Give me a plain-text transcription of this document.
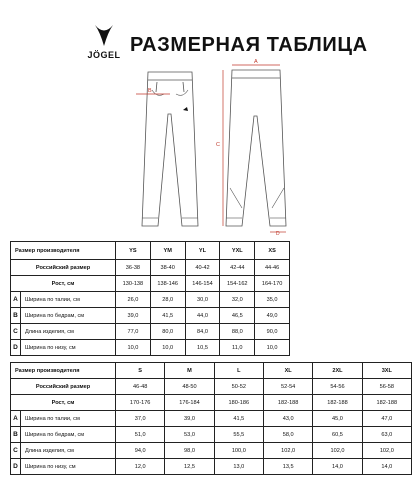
JÖGEL РАЗМЕРНАЯ ТАБЛИЦА
A
B
C
D
Размер производителя		YS	YM	YL	YXL	XS
Российский размер		36-38	38-40	40-42	42-44	44-46
Рост, см		130-138	138-146	146-154	154-162	164-170
A	Ширина по талии, см	26,0	28,0	30,0	32,0	35,0
B	Ширина по бедрам, см	39,0	41,5	44,0	46,5	49,0
C	Длина изделия, см	77,0	80,0	84,0	88,0	90,0
D	Ширина по низу, см	10,0	10,0	10,5	11,0	10,0
Размер производителя		S	M	L	XL	2XL	3XL
Российский размер		46-48	48-50	50-52	52-54	54-56	56-58
Рост, см		170-176	176-184	180-186	182-188	182-188	182-188
A	Ширина по талии, см	37,0	39,0	41,5	43,0	45,0	47,0
B	Ширина по бедрам, см	51,0	53,0	55,5	58,0	60,5	63,0
C	Длина изделия, см	94,0	98,0	100,0	102,0	102,0	102,0
D	Ширина по низу, см	12,0	12,5	13,0	13,5	14,0	14,0
